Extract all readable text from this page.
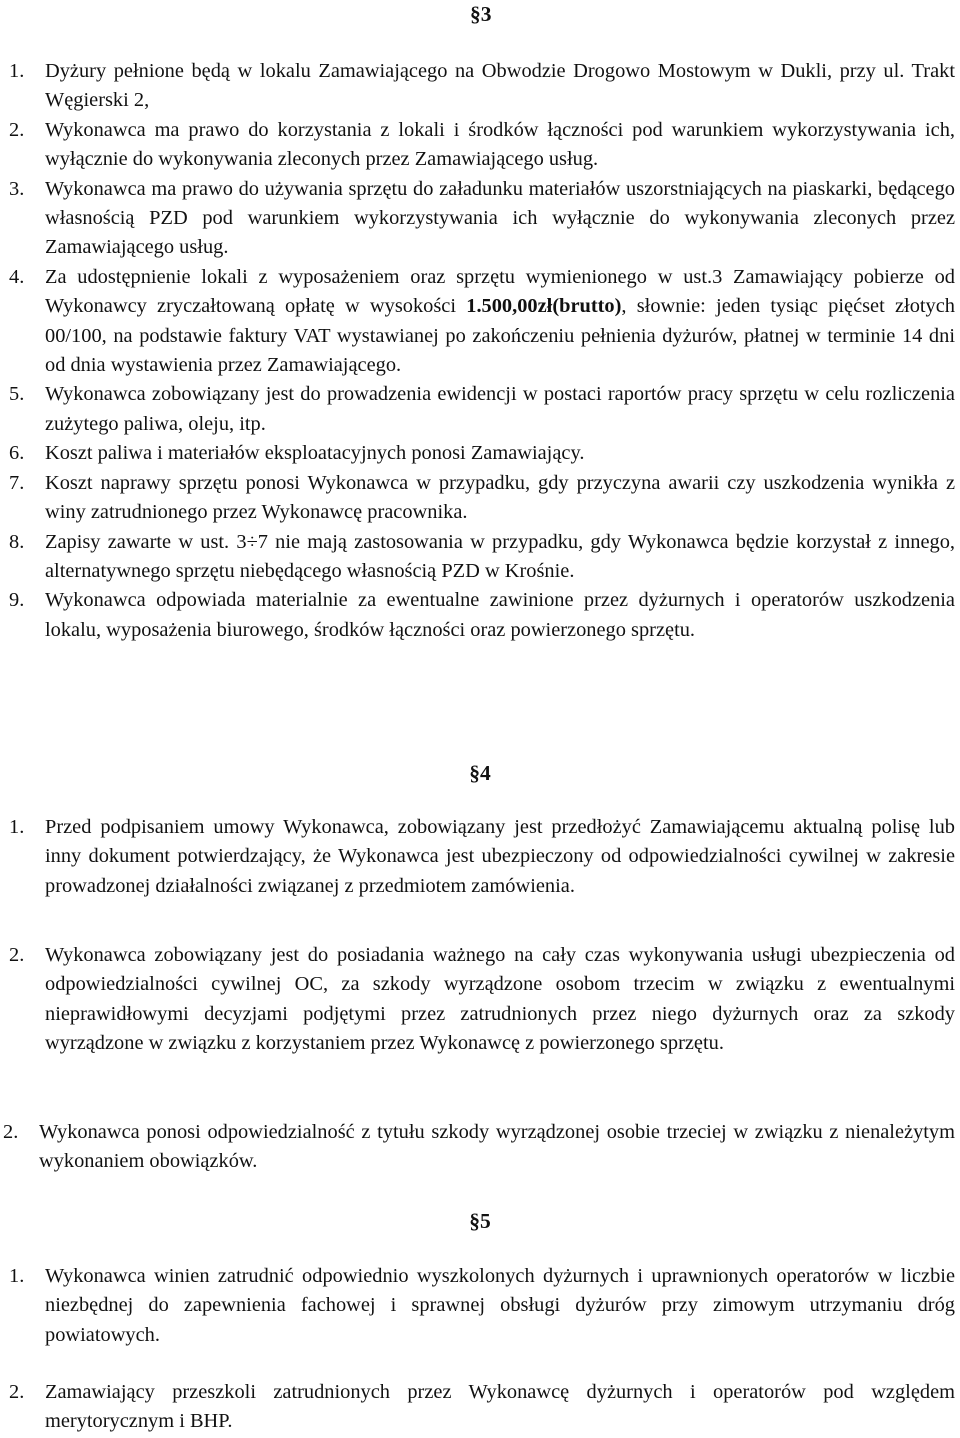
§3
1. Dyżury pełnione będą w lokalu Zamawiającego na Obwodzie Drogowo Mostowym w Dukli, przy ul. Trakt Węgierski 2,

2. Wykonawca ma prawo do korzystania z lokali i środków łączności pod warunkiem wykorzystywania ich, wyłącznie do wykonywania zleconych przez Zamawiającego usług.

3. Wykonawca ma prawo do używania sprzętu do załadunku materiałów uszorstniających na piaskarki, będącego własnością PZD pod warunkiem wykorzystywania ich wyłącznie do wykonywania zleconych przez Zamawiającego usług.

4. Za udostępnienie lokali z wyposażeniem oraz sprzętu wymienionego w ust.3 Zamawiający pobierze od Wykonawcy zryczałtowaną opłatę w wysokości 1.500,00zł(brutto), słownie: jeden tysiąc pięćset złotych 00/100, na podstawie faktury VAT wystawianej po zakończeniu pełnienia dyżurów, płatnej w terminie 14 dni od dnia wystawienia przez Zamawiającego.

5. Wykonawca zobowiązany jest do prowadzenia ewidencji w postaci raportów pracy sprzętu w celu rozliczenia zużytego paliwa, oleju, itp.

6. Koszt paliwa i materiałów eksploatacyjnych ponosi Zamawiający.

7. Koszt naprawy sprzętu ponosi Wykonawca w przypadku, gdy przyczyna awarii czy uszkodzenia wynikła z winy zatrudnionego przez Wykonawcę pracownika.

8. Zapisy zawarte w ust. 3÷7 nie mają zastosowania w przypadku, gdy Wykonawca będzie korzystał z innego, alternatywnego sprzętu niebędącego własnością PZD w Krośnie.

9. Wykonawca odpowiada materialnie za ewentualne zawinione przez dyżurnych i operatorów uszkodzenia lokalu, wyposażenia biurowego, środków łączności oraz powierzonego sprzętu.

§4
1. Przed podpisaniem umowy Wykonawca, zobowiązany jest przedłożyć Zamawiającemu aktualną polisę lub inny dokument potwierdzający, że Wykonawca jest ubezpieczony od odpowiedzialności cywilnej w zakresie prowadzonej działalności związanej z przedmiotem zamówienia.

2. Wykonawca zobowiązany jest do posiadania ważnego na cały czas wykonywania usługi ubezpieczenia od odpowiedzialności cywilnej OC, za szkody wyrządzone osobom trzecim w związku z ewentualnymi nieprawidłowymi decyzjami podjętymi przez zatrudnionych przez niego dyżurnych oraz za szkody wyrządzone w związku z korzystaniem przez Wykonawcę z powierzonego sprzętu.

2. Wykonawca ponosi odpowiedzialność z tytułu szkody wyrządzonej osobie trzeciej w związku z nienależytym wykonaniem obowiązków.

§5
1. Wykonawca winien zatrudnić odpowiednio wyszkolonych dyżurnych i uprawnionych operatorów w liczbie niezbędnej do zapewnienia fachowej i sprawnej obsługi dyżurów przy zimowym utrzymaniu dróg powiatowych.

2. Zamawiający przeszkoli zatrudnionych przez Wykonawcę dyżurnych i operatorów pod względem merytorycznym i BHP.
